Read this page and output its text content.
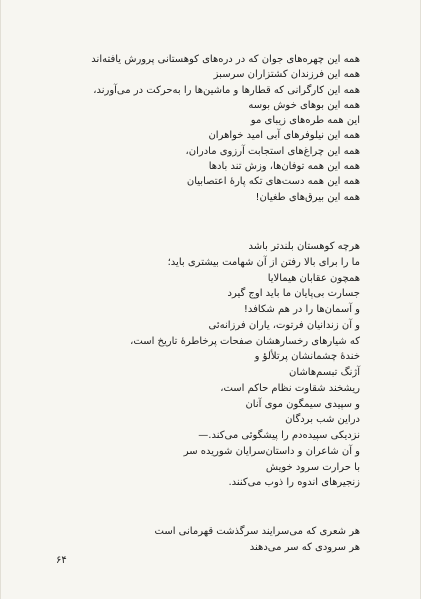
همه این چهره‌های جوان که در دره‌های کوهستانی پرورش یافته‌اند
همه این فرزندان کشتزاران سرسبز
همه این کارگرانی که قطارها و ماشین‌ها را به‌حرکت در می‌آورند،
همه این بوهای خوش بوسه
این همه طره‌های زیبای مو
همه این نیلوفرهای آبی امید خواهران
همه این چراغ‌های استجابت آرزوی مادران،
همه این همه توفان‌ها، وزش تند بادها
همه این همه دست‌های تکه پارهٔ اعتصابیان
همه این بیرق‌های طغیان!
هرچه کوهستان بلندتر باشد
ما را برای بالا رفتن از آن شهامت بیشتری باید؛
همچون عقابان هیمالایا
جسارت بی‌پایان ما باید اوج گیرد
و آسمان‌ها را در هم شکافد!
و آن زندانیان فرتوت، یاران فرزانه‌ئی
که شیارهای رخسارهشان صفحات پرخاطرهٔ تاریخ است،
خندهٔ چشمانشان پرتلألؤ و
آژنگ تبسم‌هاشان
ریشخند شقاوت نظام حاکم است،
و سپیدی سیمگون موی آنان
دراین شب بردگان
نزدیکی سپیده‌دم را پیشگوئی می‌کند.—
و آن شاعران و داستان‌سرایان شوریده سر
با حرارت سرود خویش
زنجیرهای اندوه را ذوب می‌کنند.
هر شعری که می‌سرایند سرگذشت قهرمانی است
هر سرودی که سر می‌دهند
۶۴
